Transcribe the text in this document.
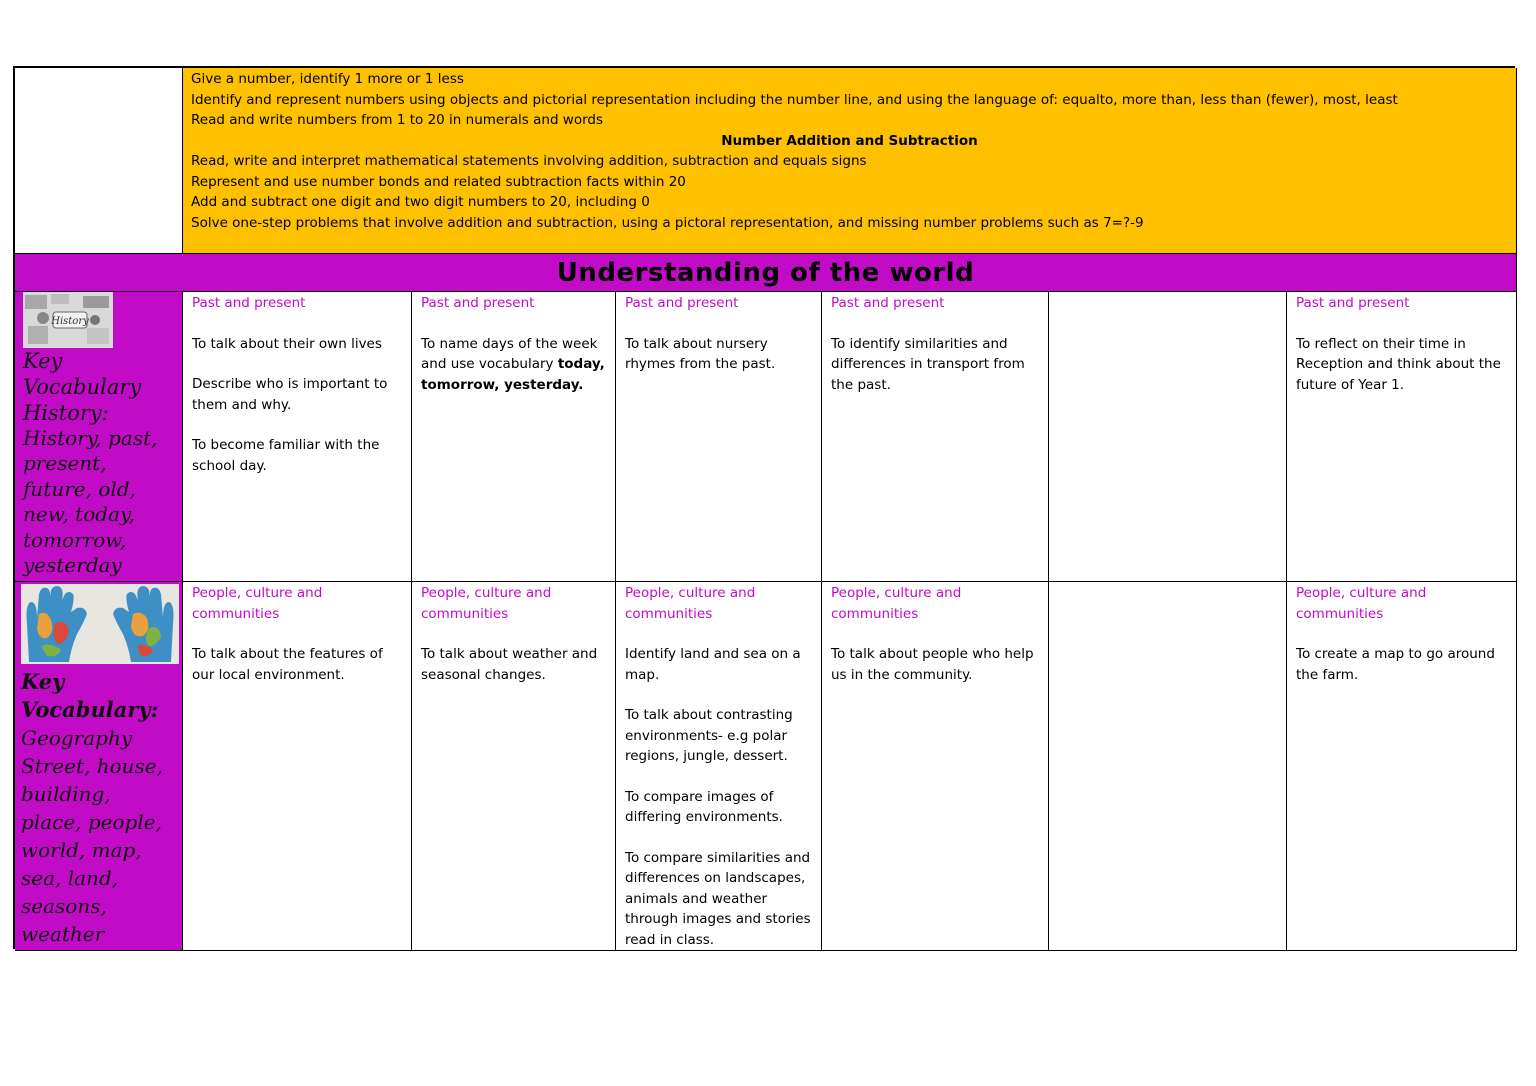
Give a number, identify 1 more or 1 less
Identify and represent numbers using objects and pictorial representation including the number line, and using the language of: equalto, more than, less than (fewer), most, least
Read and write numbers from 1 to 20 in numerals and words
Number Addition and Subtraction
Read, write and interpret mathematical statements involving addition, subtraction and equals signs
Represent and use number bonds and related subtraction facts within 20
Add and subtract one digit and two digit numbers to 20, including 0
Solve one-step problems that involve addition and subtraction, using a pictoral representation, and missing number problems such as 7=?-9
Understanding of the world
History
Key Vocabulary History:
History, past, present, future, old, new, today, tomorrow, yesterday
Past and present

To talk about their own lives

Describe who is important to them and why.

To become familiar with the school day.

Past and present

To name days of the week and use vocabulary today, tomorrow, yesterday.

Past and present

To talk about nursery rhymes from the past.

Past and present

To identify similarities and differences in transport from the past.

Past and present

To reflect on their time in Reception and think about the future of Year 1.

Key Vocabulary:
Geography Street, house, building, place, people, world, map, sea, land, seasons, weather
People, culture and communities

To talk about the features of our local environment.

People, culture and communities

To talk about weather and seasonal changes.

People, culture and communities

Identify land and sea on a map.

To talk about contrasting environments- e.g polar regions, jungle, dessert.

To compare images of differing environments.

To compare similarities and differences on landscapes, animals and weather through images and stories read in class.

People, culture and communities

To talk about people who help us in the community.

People, culture and communities

To create a map to go around the farm.
